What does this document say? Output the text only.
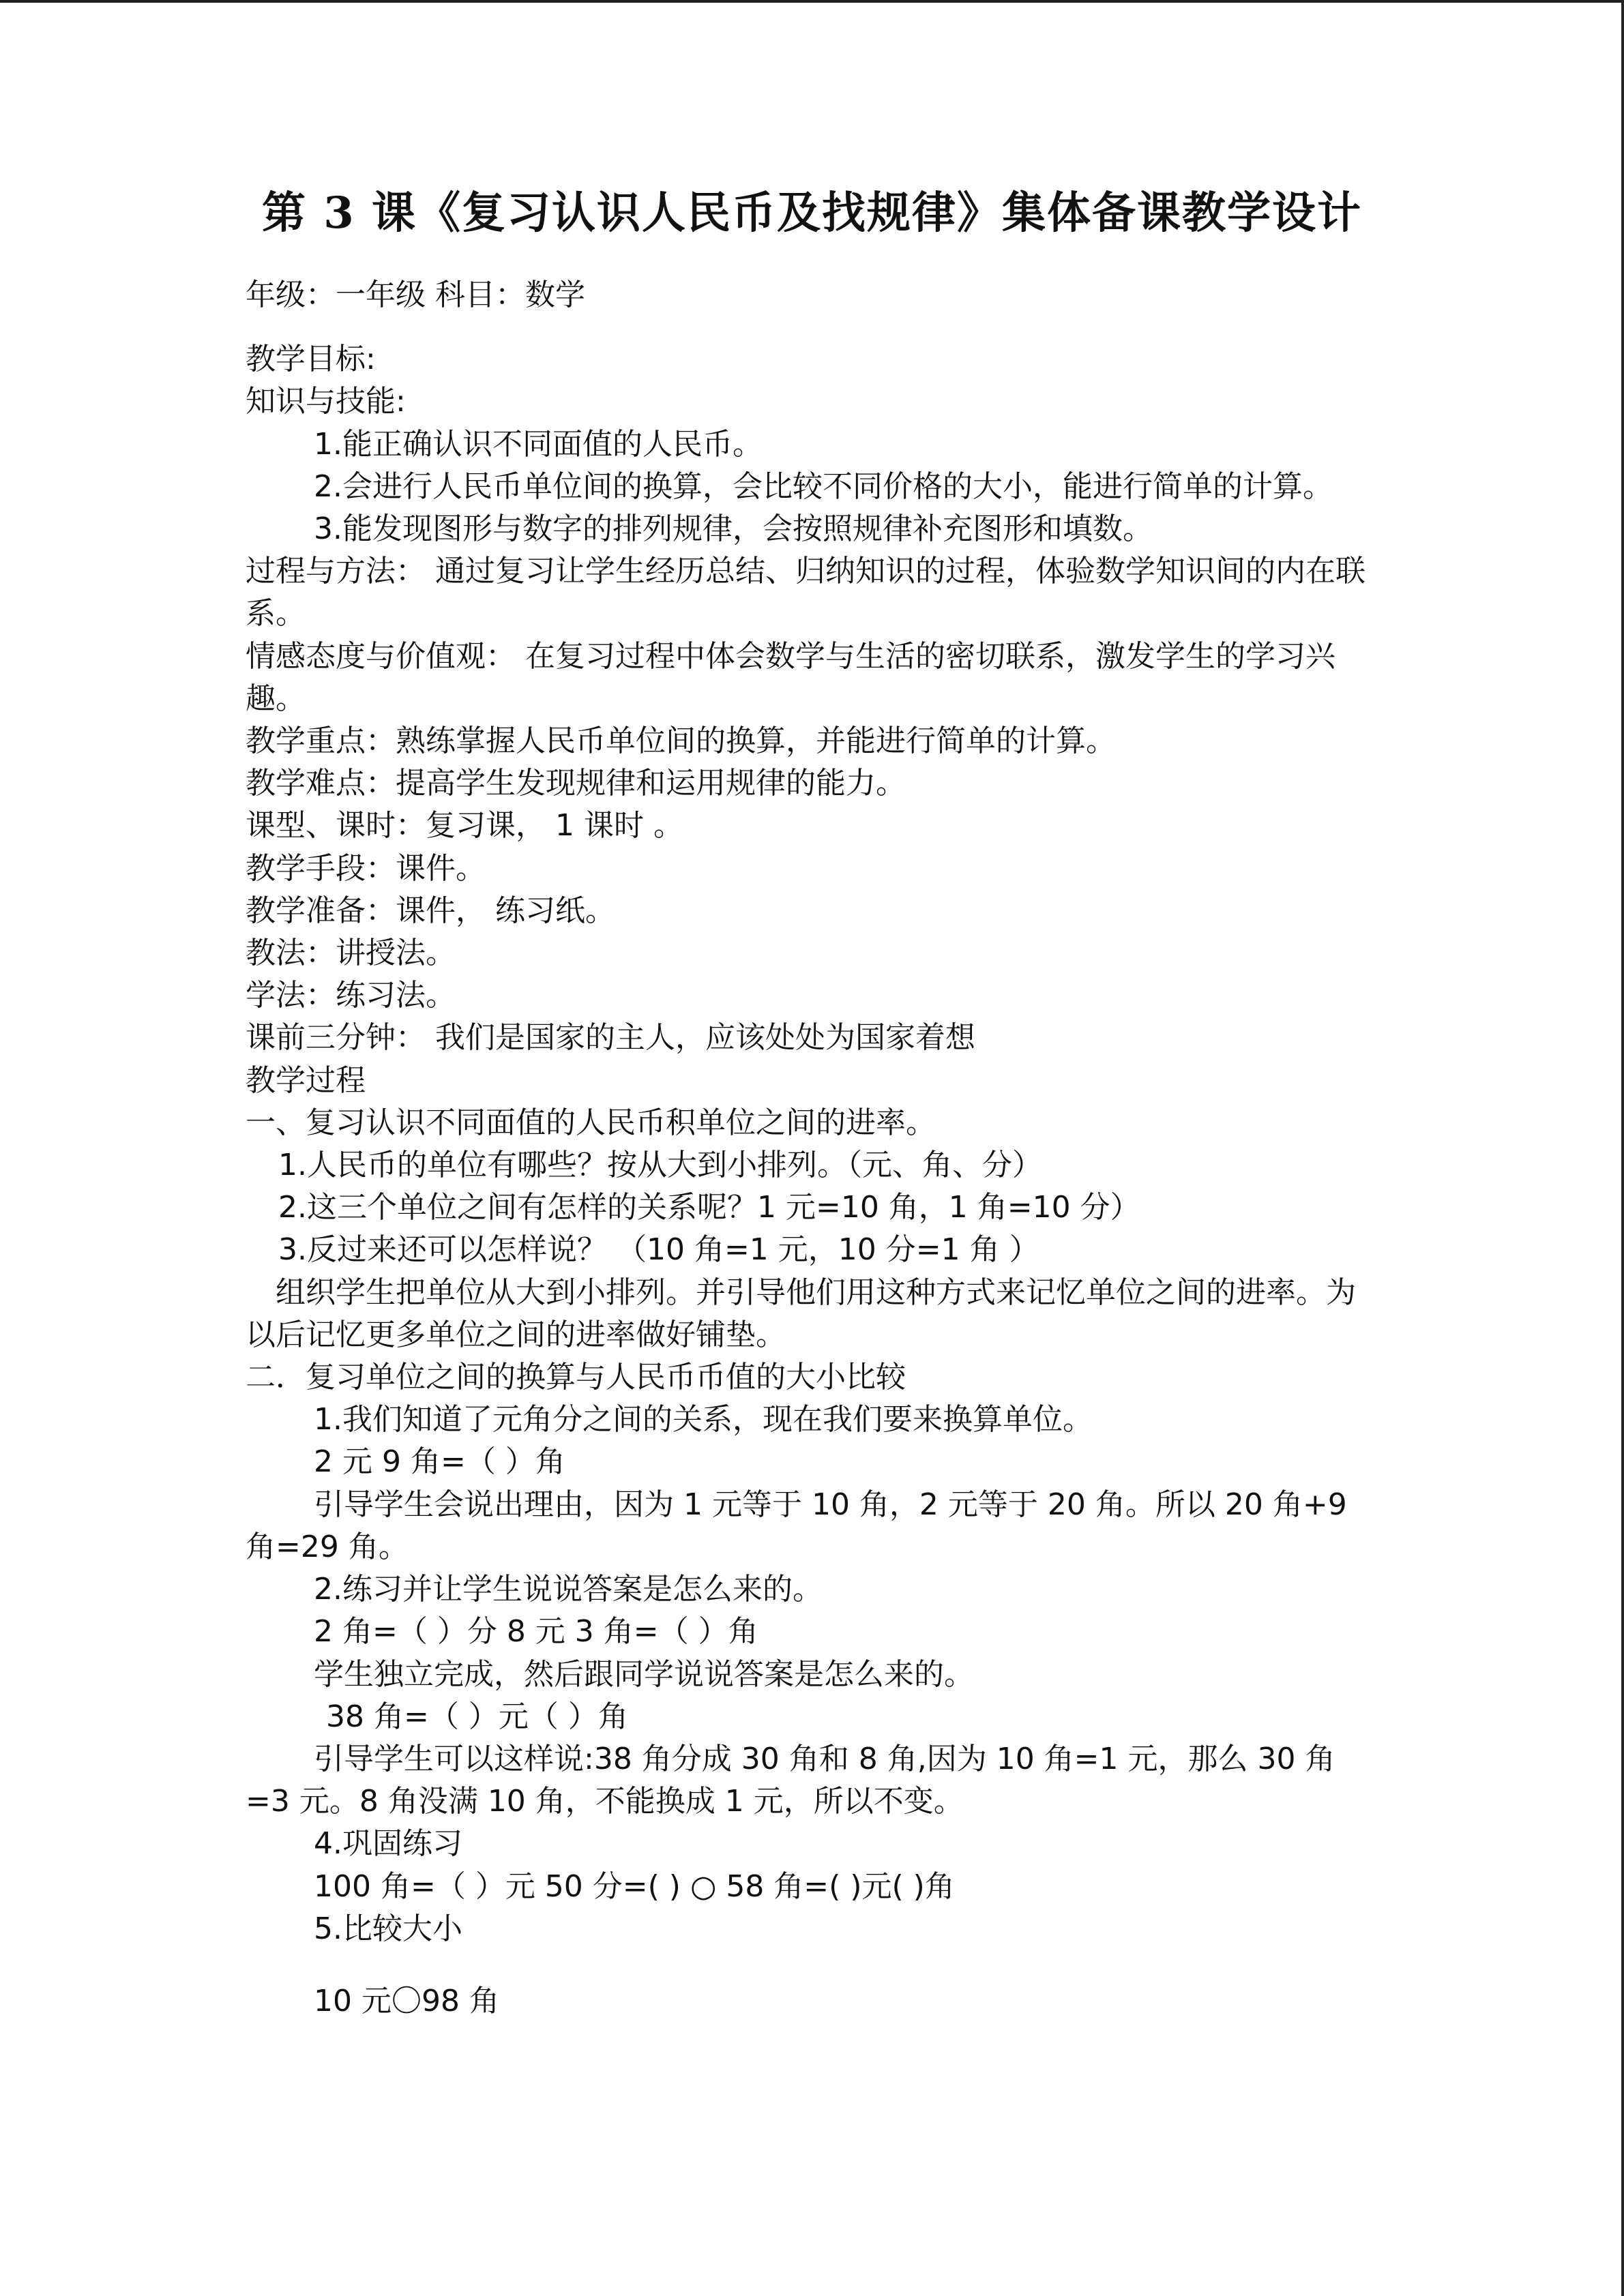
第 3 课《复习认识人民币及找规律》集体备课教学设计
年级：一年级 科目：数学
教学目标:
知识与技能:
1.能正确认识不同面值的人民币。
2.会进行人民币单位间的换算，会比较不同价格的大小，能进行简单的计算。
3.能发现图形与数字的排列规律，会按照规律补充图形和填数。
过程与方法： 通过复习让学生经历总结、归纳知识的过程，体验数学知识间的内在联系。
情感态度与价值观： 在复习过程中体会数学与生活的密切联系，激发学生的学习兴趣。
教学重点：熟练掌握人民币单位间的换算，并能进行简单的计算。
教学难点：提高学生发现规律和运用规律的能力。
课型、课时：复习课， 1 课时 。
教学手段：课件。
教学准备：课件， 练习纸。
教法：讲授法。
学法：练习法。
课前三分钟： 我们是国家的主人，应该处处为国家着想
教学过程
一、复习认识不同面值的人民币积单位之间的进率。
1.人民币的单位有哪些？按从大到小排列。（元、角、分）
2.这三个单位之间有怎样的关系呢？1 元=10 角，1 角=10 分）
3.反过来还可以怎样说？ （10 角=1 元，10 分=1 角 ）
组织学生把单位从大到小排列。并引导他们用这种方式来记忆单位之间的进率。为以后记忆更多单位之间的进率做好铺垫。
二．复习单位之间的换算与人民币币值的大小比较
1.我们知道了元角分之间的关系，现在我们要来换算单位。
2 元 9 角=（ ）角
引导学生会说出理由，因为 1 元等于 10 角，2 元等于 20 角。所以 20 角+9 角=29 角。
2.练习并让学生说说答案是怎么来的。
2 角=（ ）分 8 元 3 角=（ ）角
学生独立完成，然后跟同学说说答案是怎么来的。
38 角=（ ）元（ ）角
引导学生可以这样说:38 角分成 30 角和 8 角,因为 10 角=1 元，那么 30 角=3 元。8 角没满 10 角，不能换成 1 元，所以不变。
4.巩固练习
100 角=（ ）元 50 分=( ) ○ 58 角=( )元( )角
5.比较大小
10 元〇98 角
